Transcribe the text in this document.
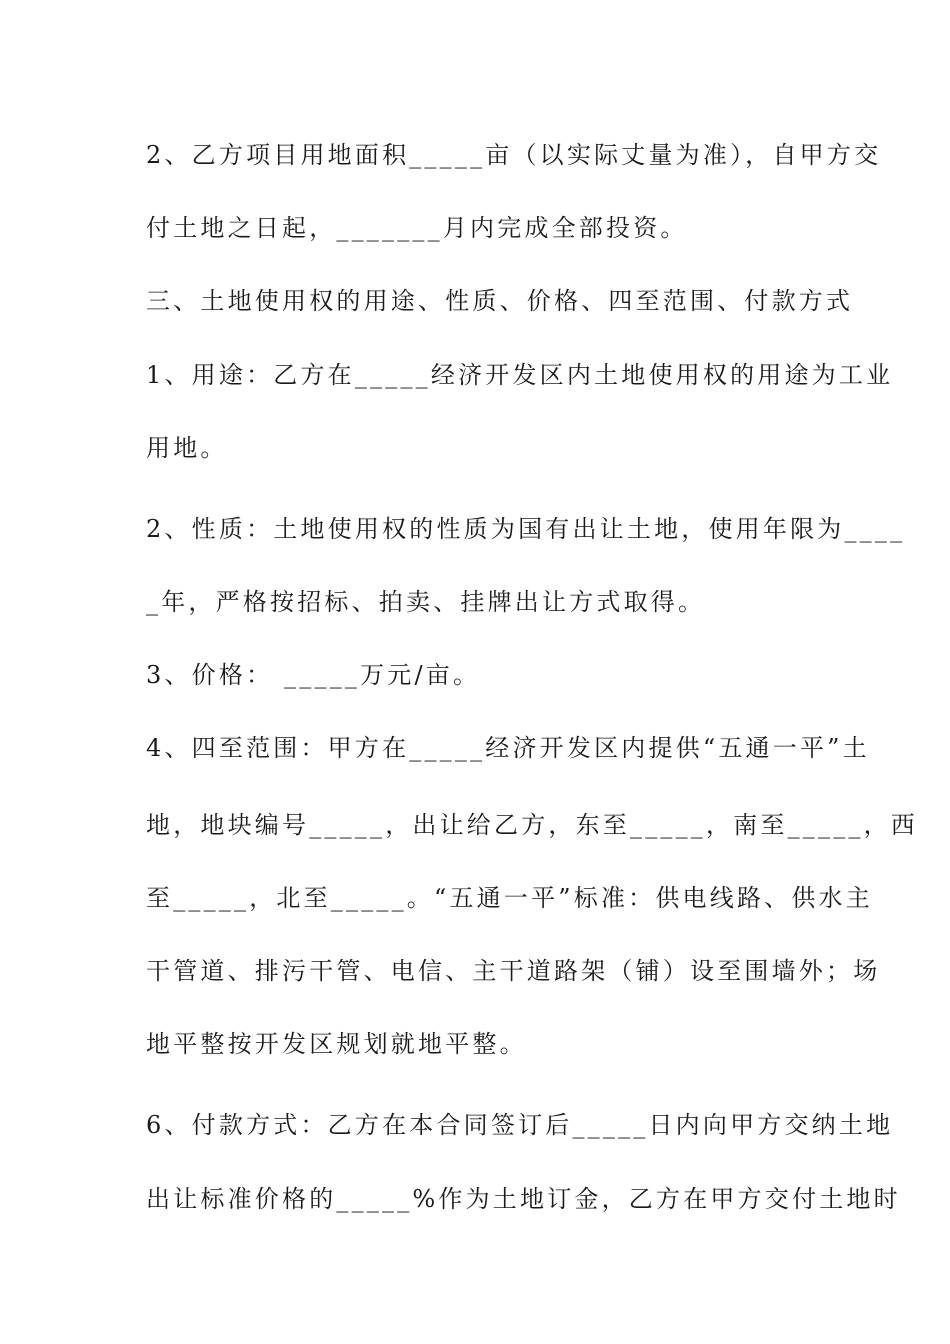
2、乙方项目用地面积_____亩（以实际丈量为准），自甲方交
付土地之日起，_______月内完成全部投资。
三、土地使用权的用途、性质、价格、四至范围、付款方式
1、用途：乙方在_____经济开发区内土地使用权的用途为工业
用地。
2、性质：土地使用权的性质为国有出让土地，使用年限为____
_年，严格按招标、拍卖、挂牌出让方式取得。
3、价格： _____万元/亩。
4、四至范围：甲方在_____经济开发区内提供“五通一平”土
地，地块编号_____，出让给乙方，东至_____，南至_____，西
至_____，北至_____。“五通一平”标准：供电线路、供水主
干管道、排污干管、电信、主干道路架（铺）设至围墙外；场
地平整按开发区规划就地平整。
6、付款方式：乙方在本合同签订后_____日内向甲方交纳土地
出让标准价格的_____%作为土地订金，乙方在甲方交付土地时
